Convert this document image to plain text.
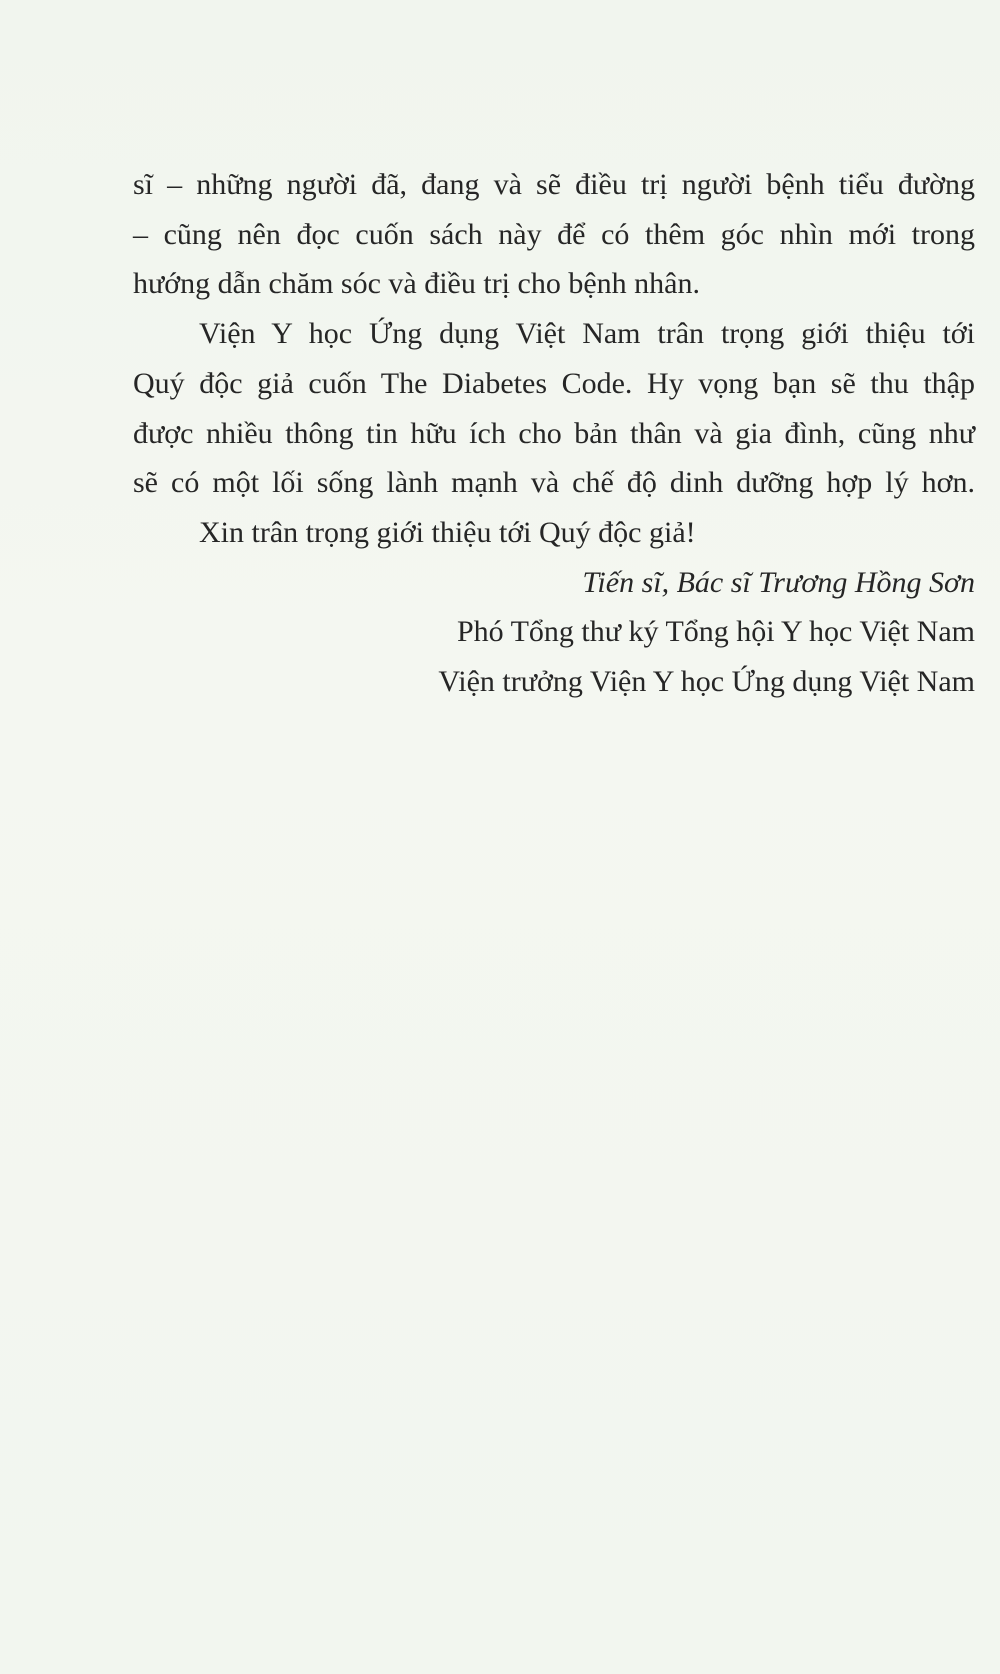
sĩ – những người đã, đang và sẽ điều trị người bệnh tiểu đường
– cũng nên đọc cuốn sách này để có thêm góc nhìn mới trong
hướng dẫn chăm sóc và điều trị cho bệnh nhân.
Viện Y học Ứng dụng Việt Nam trân trọng giới thiệu tới
Quý độc giả cuốn The Diabetes Code. Hy vọng bạn sẽ thu thập
được nhiều thông tin hữu ích cho bản thân và gia đình, cũng như
sẽ có một lối sống lành mạnh và chế độ dinh dưỡng hợp lý hơn.
Xin trân trọng giới thiệu tới Quý độc giả!
Tiến sĩ, Bác sĩ Trương Hồng Sơn
Phó Tổng thư ký Tổng hội Y học Việt Nam
Viện trưởng Viện Y học Ứng dụng Việt Nam
